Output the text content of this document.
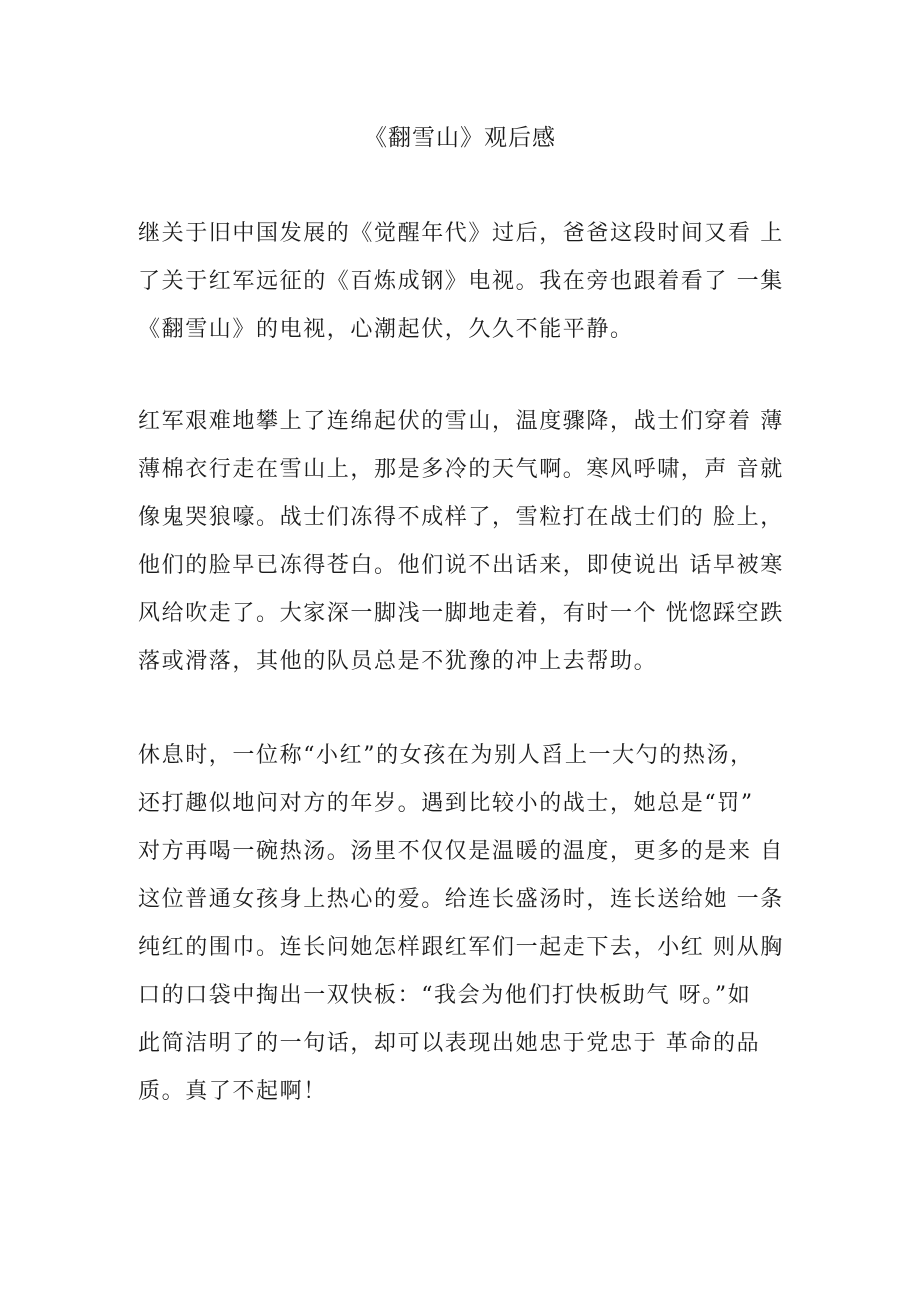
《翻雪山》观后感
继关于旧中国发展的《觉醒年代》过后，爸爸这段时间又看 上
了关于红军远征的《百炼成钢》电视。我在旁也跟着看了 一集
《翻雪山》的电视，心潮起伏，久久不能平静。
红军艰难地攀上了连绵起伏的雪山，温度骤降，战士们穿着 薄
薄棉衣行走在雪山上，那是多冷的天气啊。寒风呼啸，声 音就
像鬼哭狼嚎。战士们冻得不成样了，雪粒打在战士们的 脸上，
他们的脸早已冻得苍白。他们说不出话来，即使说出 话早被寒
风给吹走了。大家深一脚浅一脚地走着，有时一个 恍惚踩空跌
落或滑落，其他的队员总是不犹豫的冲上去帮助。
休息时，一位称“小红”的女孩在为别人舀上一大勺的热汤，
还打趣似地问对方的年岁。遇到比较小的战士，她总是“罚”
对方再喝一碗热汤。汤里不仅仅是温暖的温度，更多的是来 自
这位普通女孩身上热心的爱。给连长盛汤时，连长送给她 一条
纯红的围巾。连长问她怎样跟红军们一起走下去，小红 则从胸
口的口袋中掏出一双快板：“我会为他们打快板助气 呀。”如
此简洁明了的一句话，却可以表现出她忠于党忠于 革命的品
质。真了不起啊！
